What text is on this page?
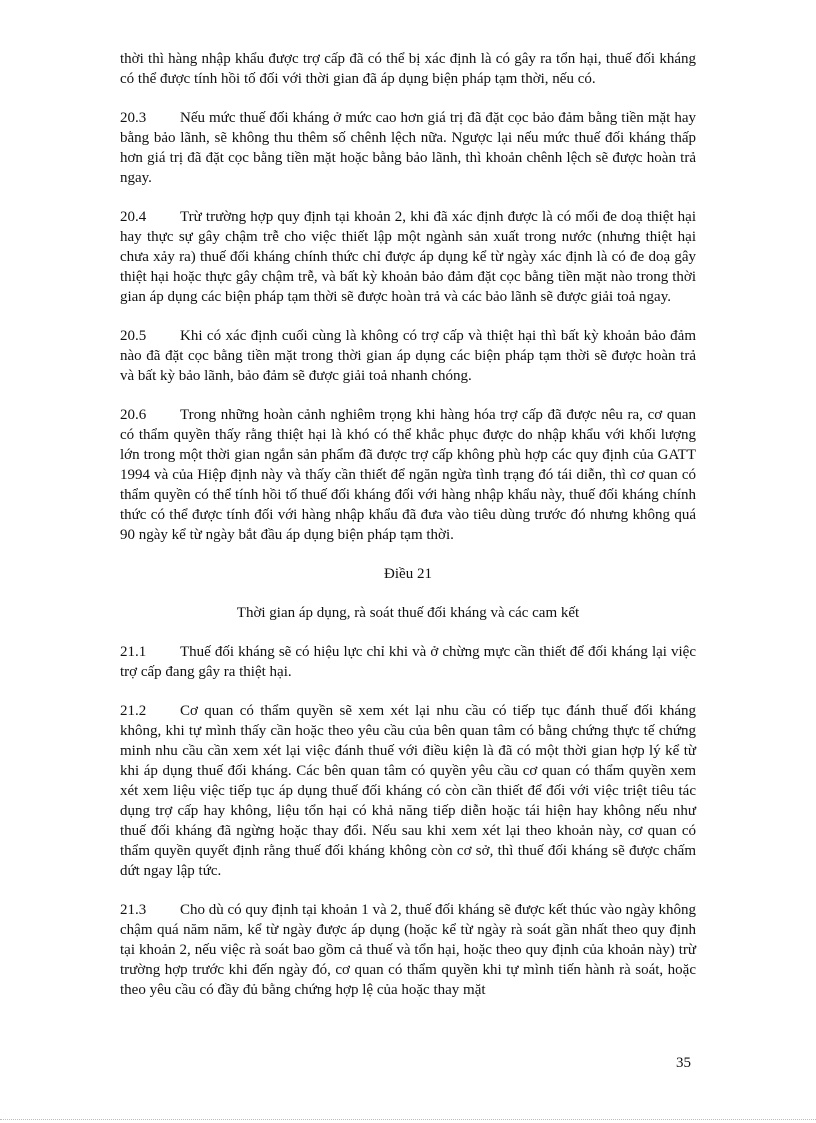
thời thì hàng nhập khẩu được trợ cấp đã có thể bị xác định là có gây ra tổn hại, thuế đối kháng có thể được tính hồi tố đối với thời gian đã áp dụng biện pháp tạm thời, nếu có.

20.3 Nếu mức thuế đối kháng ở mức cao hơn giá trị đã đặt cọc bảo đảm bằng tiền mặt hay bằng bảo lãnh, sẽ không thu thêm số chênh lệch nữa. Ngược lại nếu mức thuế đối kháng thấp hơn giá trị đã đặt cọc bằng tiền mặt hoặc bằng bảo lãnh, thì khoản chênh lệch sẽ được hoàn trả ngay.

20.4 Trừ trường hợp quy định tại khoản 2, khi đã xác định được là có mối đe doạ thiệt hại hay thực sự gây chậm trễ cho việc thiết lập một ngành sản xuất trong nước (nhưng thiệt hại chưa xảy ra) thuế đối kháng chính thức chỉ được áp dụng kể từ ngày xác định là có đe doạ gây thiệt hại hoặc thực gây chậm trễ, và bất kỳ khoản bảo đảm đặt cọc bằng tiền mặt nào trong thời gian áp dụng các biện pháp tạm thời sẽ được hoàn trả và các bảo lãnh sẽ được giải toả ngay.

20.5 Khi có xác định cuối cùng là không có trợ cấp và thiệt hại thì bất kỳ khoản bảo đảm nào đã đặt cọc bằng tiền mặt trong thời gian áp dụng các biện pháp tạm thời sẽ được hoàn trả và bất kỳ bảo lãnh, bảo đảm sẽ được giải toả nhanh chóng.

20.6 Trong những hoàn cảnh nghiêm trọng khi hàng hóa trợ cấp đã được nêu ra, cơ quan có thẩm quyền thấy rằng thiệt hại là khó có thể khắc phục được do nhập khẩu với khối lượng lớn trong một thời gian ngắn sản phẩm đã được trợ cấp không phù hợp các quy định của GATT 1994 và của Hiệp định này và thấy cần thiết để ngăn ngừa tình trạng đó tái diễn, thì cơ quan có thẩm quyền có thể tính hồi tố thuế đối kháng đối với hàng nhập khẩu này, thuế đối kháng chính thức có thể được tính đối với hàng nhập khẩu đã đưa vào tiêu dùng trước đó nhưng không quá 90 ngày kể từ ngày bắt đầu áp dụng biện pháp tạm thời.

Điều 21

Thời gian áp dụng, rà soát thuế đối kháng và các cam kết

21.1 Thuế đối kháng sẽ có hiệu lực chỉ khi và ở chừng mực cần thiết để đối kháng lại việc trợ cấp đang gây ra thiệt hại.

21.2 Cơ quan có thẩm quyền sẽ xem xét lại nhu cầu có tiếp tục đánh thuế đối kháng không, khi tự mình thấy cần hoặc theo yêu cầu của bên quan tâm có bằng chứng thực tế chứng minh nhu cầu cần xem xét lại việc đánh thuế với điều kiện là đã có một thời gian hợp lý kể từ khi áp dụng thuế đối kháng. Các bên quan tâm có quyền yêu cầu cơ quan có thẩm quyền xem xét xem liệu việc tiếp tục áp dụng thuế đối kháng có còn cần thiết để đối với việc triệt tiêu tác dụng trợ cấp hay không, liệu tổn hại có khả năng tiếp diễn hoặc tái hiện hay không nếu như thuế đối kháng đã ngừng hoặc thay đổi. Nếu sau khi xem xét lại theo khoản này, cơ quan có thẩm quyền quyết định rằng thuế đối kháng không còn cơ sở, thì thuế đối kháng sẽ được chấm dứt ngay lập tức.

21.3 Cho dù có quy định tại khoản 1 và 2, thuế đối kháng sẽ được kết thúc vào ngày không chậm quá năm năm, kể từ ngày được áp dụng (hoặc kể từ ngày rà soát gần nhất theo quy định tại khoản 2, nếu việc rà soát bao gồm cả thuế và tổn hại, hoặc theo quy định của khoản này) trừ trường hợp trước khi đến ngày đó, cơ quan có thẩm quyền khi tự mình tiến hành rà soát, hoặc theo yêu cầu có đầy đủ bằng chứng hợp lệ của hoặc thay mặt

35
